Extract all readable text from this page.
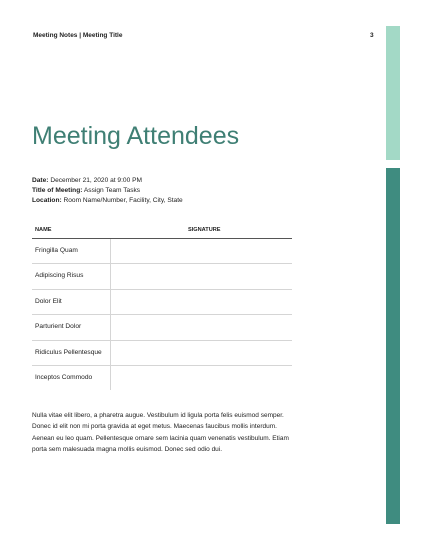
Meeting Notes | Meeting Title	3
Meeting Attendees
Date: December 21, 2020 at 9:00 PM
Title of Meeting: Assign Team Tasks
Location: Room Name/Number, Facility, City, State
NAME	SIGNATURE
Fringilla Quam
Adipiscing Risus
Dolor Elit
Parturient Dolor
Ridiculus Pellentesque
Inceptos Commodo
Nulla vitae elit libero, a pharetra augue. Vestibulum id ligula porta felis euismod semper. Donec id elit non mi porta gravida at eget metus. Maecenas faucibus mollis interdum. Aenean eu leo quam. Pellentesque ornare sem lacinia quam venenatis vestibulum. Etiam porta sem malesuada magna mollis euismod. Donec sed odio dui.
